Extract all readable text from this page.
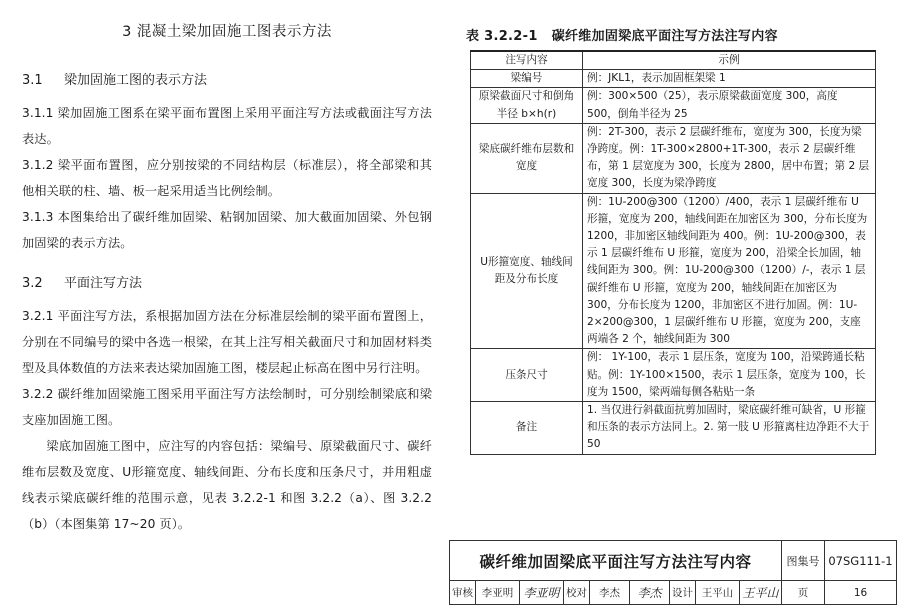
3 混凝土梁加固施工图表示方法
3.1 梁加固施工图的表示方法
3.1.1 梁加固施工图系在梁平面布置图上采用平面注写方法或截面注写方法表达。
3.1.2 梁平面布置图，应分别按梁的不同结构层（标准层），将全部梁和其他相关联的柱、墙、板一起采用适当比例绘制。
3.1.3 本图集给出了碳纤维加固梁、粘钢加固梁、加大截面加固梁、外包钢加固梁的表示方法。
3.2 平面注写方法
3.2.1 平面注写方法，系根据加固方法在分标准层绘制的梁平面布置图上，分别在不同编号的梁中各选一根梁，在其上注写相关截面尺寸和加固材料类型及具体数值的方法来表达梁加固施工图，楼层起止标高在图中另行注明。
3.2.2 碳纤维加固梁施工图采用平面注写方法绘制时，可分别绘制梁底和梁支座加固施工图。
梁底加固施工图中，应注写的内容包括：梁编号、原梁截面尺寸、碳纤维布层数及宽度、U形箍宽度、轴线间距、分布长度和压条尺寸，并用粗虚线表示梁底碳纤维的范围示意，见表 3.2.2-1 和图 3.2.2（a）、图 3.2.2（b）（本图集第 17~20 页）。
表 3.2.2-1 碳纤维加固梁底平面注写方法注写内容
注写内容	示例
梁编号	例：JKL1，表示加固框架梁 1
原梁截面尺寸和倒角半径 b×h(r)	例：300×500（25），表示原梁截面宽度 300，高度 500，倒角半径为 25
梁底碳纤维布层数和宽度	例：2T-300，表示 2 层碳纤维布，宽度为 300，长度为梁净跨度。例：1T-300×2800+1T-300，表示 2 层碳纤维布，第 1 层宽度为 300，长度为 2800，居中布置；第 2 层宽度 300，长度为梁净跨度
U形箍宽度、轴线间距及分布长度	例：1U-200@300（1200）/400，表示 1 层碳纤维布 U 形箍，宽度为 200，轴线间距在加密区为 300，分布长度为 1200，非加密区轴线间距为 400。例：1U-200@300，表示 1 层碳纤维布 U 形箍，宽度为 200，沿梁全长加固，轴线间距为 300。例：1U-200@300（1200）/-，表示 1 层碳纤维布 U 形箍，宽度为 200，轴线间距在加密区为 300，分布长度为 1200，非加密区不进行加固。例：1U-2×200@300，1 层碳纤维布 U 形箍，宽度为 200，支座两端各 2 个，轴线间距为 300
压条尺寸	例： 1Y-100，表示 1 层压条，宽度为 100，沿梁跨通长粘贴。例：1Y-100×1500，表示 1 层压条，宽度为 100，长度为 1500，梁两端每侧各粘贴一条
备注	1. 当仅进行斜截面抗剪加固时，梁底碳纤维可缺省，U 形箍和压条的表示方法同上。2. 第一肢 U 形箍离柱边净距不大于 50
碳纤维加固梁底平面注写方法注写内容	图集号 07SG111-1
审核 李亚明 李亚明 校对	李杰	李杰	设计 王平山 王平山	页	16
